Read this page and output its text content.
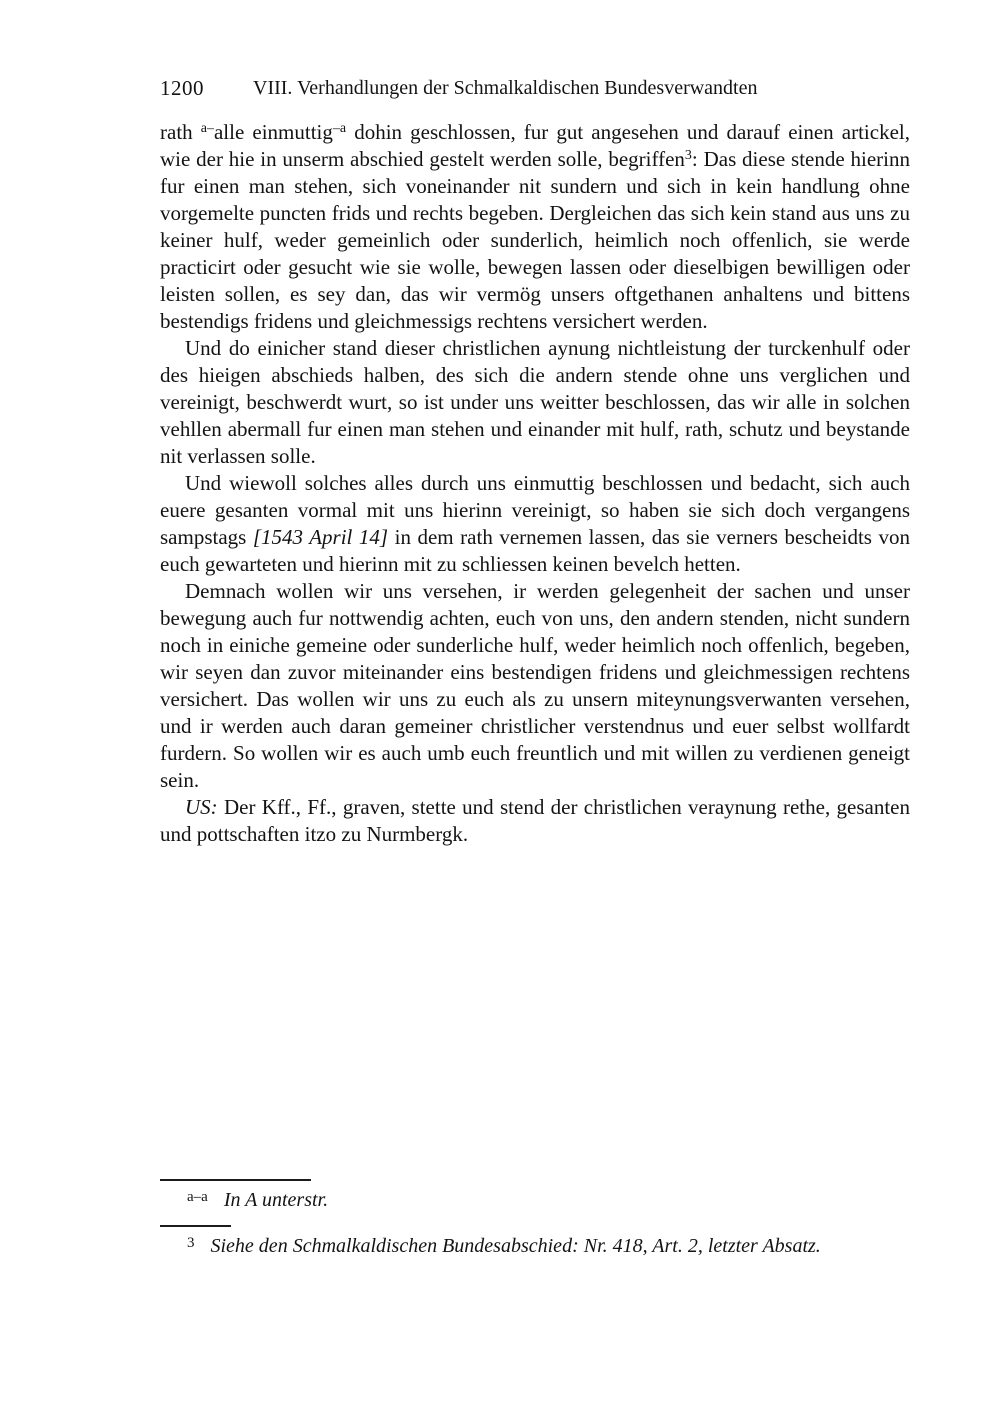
1200 VIII. Verhandlungen der Schmalkaldischen Bundesverwandten

rath $^{a-}$alle einmuttig$^{-a}$ dohin geschlossen, fur gut angesehen und darauf einen artickel, wie der hie in unserm abschied gestelt werden solle, begriffen$^3$: Das diese stende hierinn fur einen man stehen, sich voneinander nit sundern und sich in kein handlung ohne vorgemelte puncten frids und rechts begeben. Dergleichen das sich kein stand aus uns zu keiner hulf, weder gemeinlich oder sunderlich, heimlich noch offenlich, sie werde practicirt oder gesucht wie sie wolle, bewegen lassen oder dieselbigen bewilligen oder leisten sollen, es sey dan, das wir vermög unsers oftgethanen anhaltens und bittens bestendigs fridens und gleichmessigs rechtens versichert werden.

Und do einicher stand dieser christlichen aynung nichtleistung der turckenhulf oder des hieigen abschieds halben, des sich die andern stende ohne uns verglichen und vereinigt, beschwerdt wurt, so ist under uns weitter beschlossen, das wir alle in solchen vehllen abermall fur einen man stehen und einander mit hulf, rath, schutz und beystande nit verlassen solle.

Und wiewoll solches alles durch uns einmuttig beschlossen und bedacht, sich auch euere gesanten vormal mit uns hierinn vereinigt, so haben sie sich doch vergangens sampstags [1543 April 14] in dem rath vernemen lassen, das sie verners bescheidts von euch gewarteten und hierinn mit zu schliessen keinen bevelch hetten.

Demnach wollen wir uns versehen, ir werden gelegenheit der sachen und unser bewegung auch fur nottwendig achten, euch von uns, den andern stenden, nicht sundern noch in einiche gemeine oder sunderliche hulf, weder heimlich noch offenlich, begeben, wir seyen dan zuvor miteinander eins bestendigen fridens und gleichmessigen rechtens versichert. Das wollen wir uns zu euch als zu unsern miteynungsverwanten versehen, und ir werden auch daran gemeiner christlicher verstendnus und euer selbst wollfardt furdern. So wollen wir es auch umb euch freuntlich und mit willen zu verdienen geneigt sein.

US: Der Kff., Ff., graven, stette und stend der christlichen veraynung rethe, gesanten und pottschaften itzo zu Nurmbergk.

a–a In A unterstr.
3 Siehe den Schmalkaldischen Bundesabschied: Nr. 418, Art. 2, letzter Absatz.
